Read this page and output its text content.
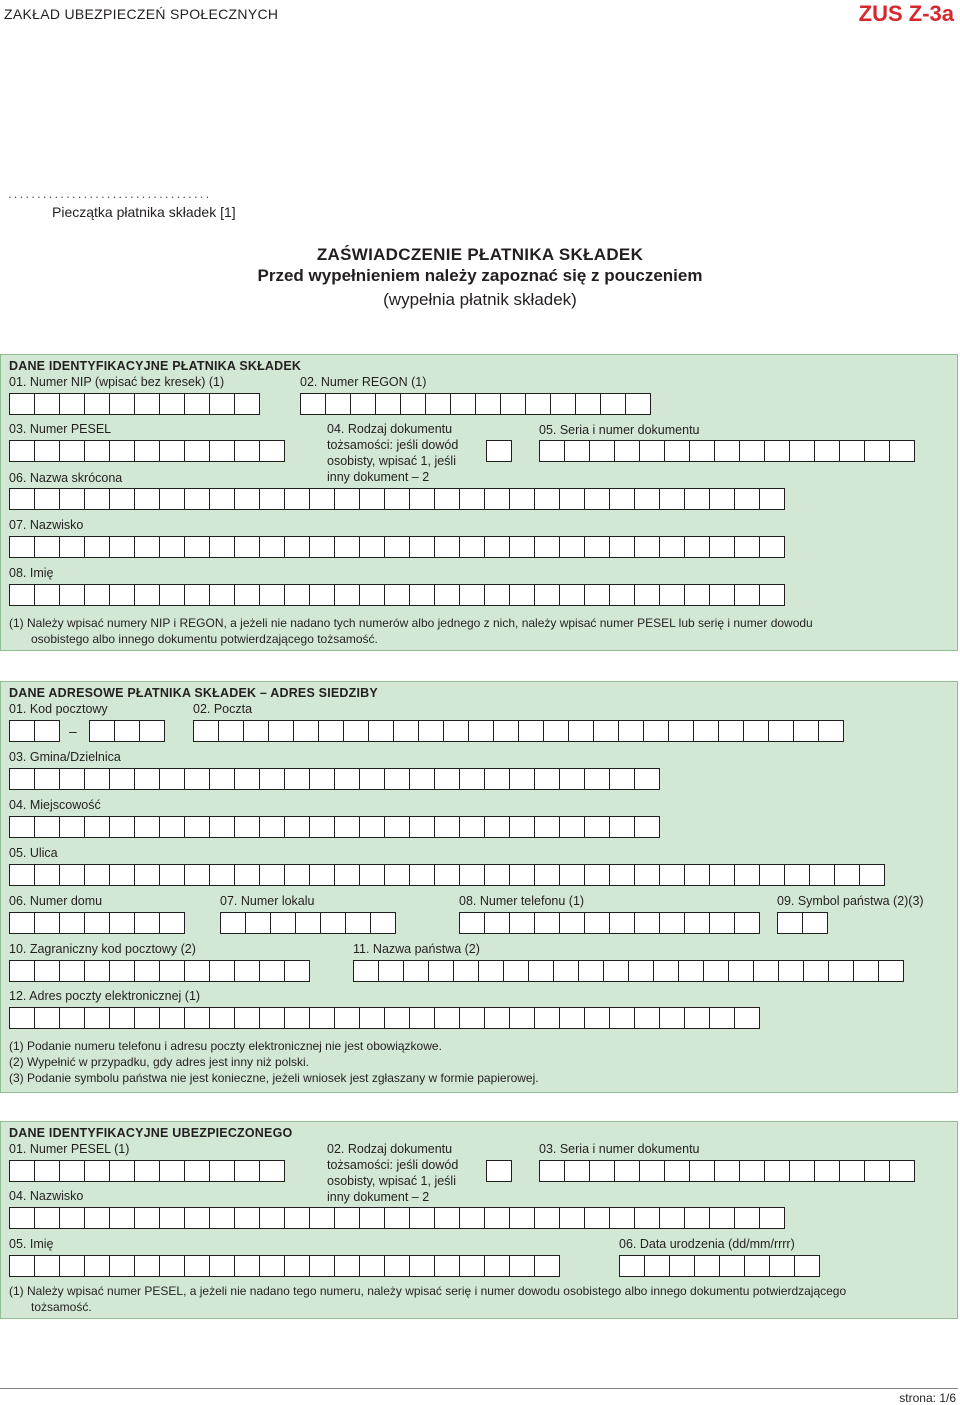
ZAKŁAD UBEZPIECZEŃ SPOŁECZNYCH	ZUS Z-3a
...................................
Pieczątka płatnika składek [1]
ZAŚWIADCZENIE PŁATNIKA SKŁADEK
Przed wypełnieniem należy zapoznać się z pouczeniem
(wypełnia płatnik składek)
DANE IDENTYFIKACYJNE PŁATNIKA SKŁADEK
01. Numer NIP (wpisać bez kresek) (1)	02. Numer REGON (1)
03. Numer PESEL	04. Rodzaj dokumentu
tożsamości: jeśli dowód
osobisty, wpisać 1, jeśli
inny dokument – 2
05. Seria i numer dokumentu
06. Nazwa skrócona
07. Nazwisko
08. Imię
(1) Należy wpisać numery NIP i REGON, a jeżeli nie nadano tych numerów albo jednego z nich, należy wpisać numer PESEL lub serię i numer dowodu
osobistego albo innego dokumentu potwierdzającego tożsamość.
DANE ADRESOWE PŁATNIKA SKŁADEK – ADRES SIEDZIBY
01. Kod pocztowy	02. Poczta
–
03. Gmina/Dzielnica
04. Miejscowość
05. Ulica
06. Numer domu	07. Numer lokalu	08. Numer telefonu (1)	09. Symbol państwa (2)(3)
10. Zagraniczny kod pocztowy (2)	11. Nazwa państwa (2)
12. Adres poczty elektronicznej (1)
(1) Podanie numeru telefonu i adresu poczty elektronicznej nie jest obowiązkowe.
(2) Wypełnić w przypadku, gdy adres jest inny niż polski.
(3) Podanie symbolu państwa nie jest konieczne, jeżeli wniosek jest zgłaszany w formie papierowej.
DANE IDENTYFIKACYJNE UBEZPIECZONEGO
01. Numer PESEL (1)	02. Rodzaj dokumentu
tożsamości: jeśli dowód
osobisty, wpisać 1, jeśli
inny dokument – 2
03. Seria i numer dokumentu
04. Nazwisko
05. Imię	06. Data urodzenia (dd/mm/rrrr)
(1) Należy wpisać numer PESEL, a jeżeli nie nadano tego numeru, należy wpisać serię i numer dowodu osobistego albo innego dokumentu potwierdzającego
tożsamość.
strona: 1/6
